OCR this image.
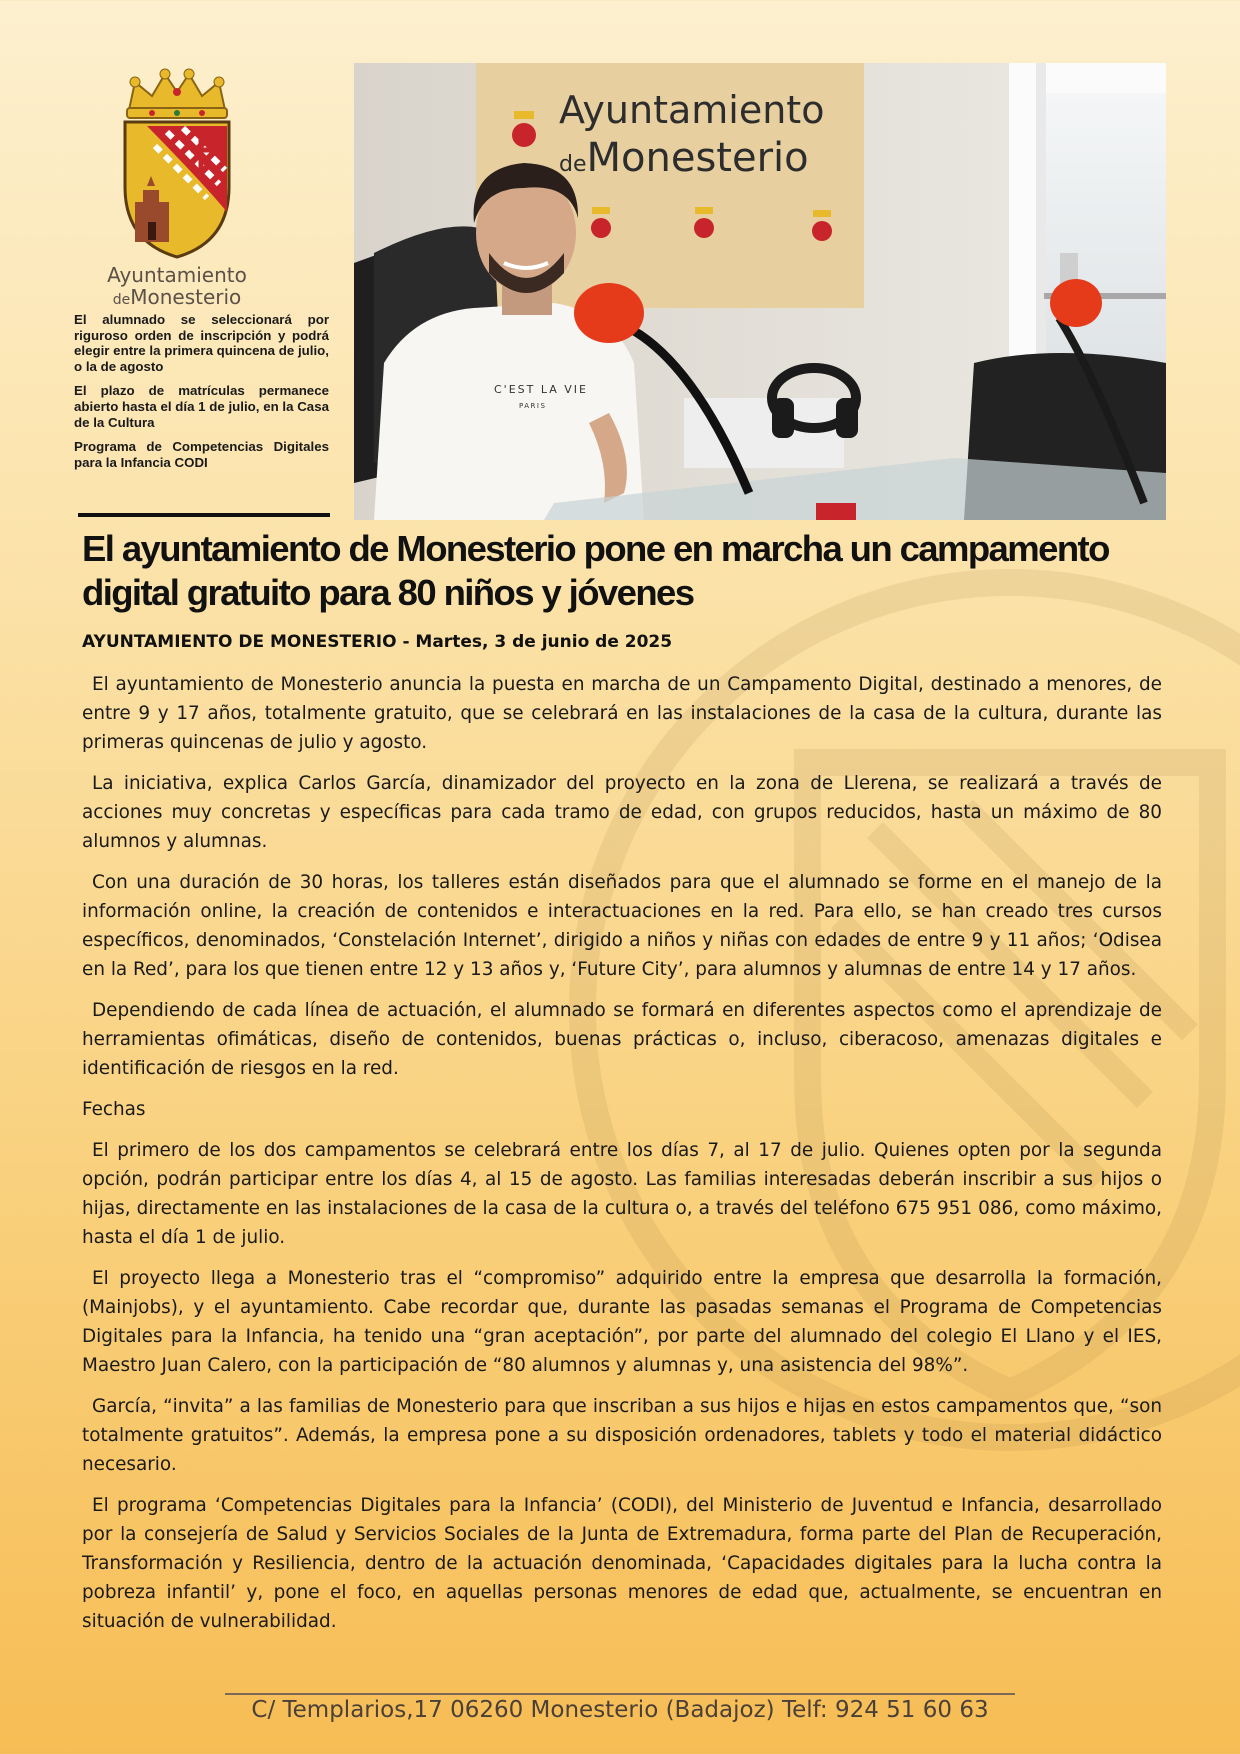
Ayuntamiento
deMonesterio

El alumnado se seleccionará por riguroso orden de inscripción y podrá elegir entre la primera quincena de julio, o la de agosto

El plazo de matrículas permanece abierto hasta el día 1 de julio, en la Casa de la Cultura

Programa de Competencias Digitales para la Infancia CODI

Ayuntamiento
deMonesterio
C'EST LA VIE
PARIS
El ayuntamiento de Monesterio pone en marcha un campamento digital gratuito para 80 niños y jóvenes
AYUNTAMIENTO DE MONESTERIO - Martes, 3 de junio de 2025

El ayuntamiento de Monesterio anuncia la puesta en marcha de un Campamento Digital, destinado a menores, de entre 9 y 17 años, totalmente gratuito, que se celebrará en las instalaciones de la casa de la cultura, durante las primeras quincenas de julio y agosto.

La iniciativa, explica Carlos García, dinamizador del proyecto en la zona de Llerena, se realizará a través de acciones muy concretas y específicas para cada tramo de edad, con grupos reducidos, hasta un máximo de 80 alumnos y alumnas.

Con una duración de 30 horas, los talleres están diseñados para que el alumnado se forme en el manejo de la información online, la creación de contenidos e interactuaciones en la red. Para ello, se han creado tres cursos específicos, denominados, ‘Constelación Internet’, dirigido a niños y niñas con edades de entre 9 y 11 años; ‘Odisea en la Red’, para los que tienen entre 12 y 13 años y, ‘Future City’, para alumnos y alumnas de entre 14 y 17 años.

Dependiendo de cada línea de actuación, el alumnado se formará en diferentes aspectos como el aprendizaje de herramientas ofimáticas, diseño de contenidos, buenas prácticas o, incluso, ciberacoso, amenazas digitales e identificación de riesgos en la red.

Fechas

El primero de los dos campamentos se celebrará entre los días 7, al 17 de julio. Quienes opten por la segunda opción, podrán participar entre los días 4, al 15 de agosto. Las familias interesadas deberán inscribir a sus hijos o hijas, directamente en las instalaciones de la casa de la cultura o, a través del teléfono 675 951 086, como máximo, hasta el día 1 de julio.

El proyecto llega a Monesterio tras el “compromiso” adquirido entre la empresa que desarrolla la formación, (Mainjobs), y el ayuntamiento. Cabe recordar que, durante las pasadas semanas el Programa de Competencias Digitales para la Infancia, ha tenido una “gran aceptación”, por parte del alumnado del colegio El Llano y el IES, Maestro Juan Calero, con la participación de “80 alumnos y alumnas y, una asistencia del 98%”.

García, “invita” a las familias de Monesterio para que inscriban a sus hijos e hijas en estos campamentos que, “son totalmente gratuitos”. Además, la empresa pone a su disposición ordenadores, tablets y todo el material didáctico necesario.

El programa ‘Competencias Digitales para la Infancia’ (CODI), del Ministerio de Juventud e Infancia, desarrollado por la consejería de Salud y Servicios Sociales de la Junta de Extremadura, forma parte del Plan de Recuperación, Transformación y Resiliencia, dentro de la actuación denominada, ‘Capacidades digitales para la lucha contra la pobreza infantil’ y, pone el foco, en aquellas personas menores de edad que, actualmente, se encuentran en situación de vulnerabilidad.

C/ Templarios,17 06260 Monesterio (Badajoz) Telf: 924 51 60 63
